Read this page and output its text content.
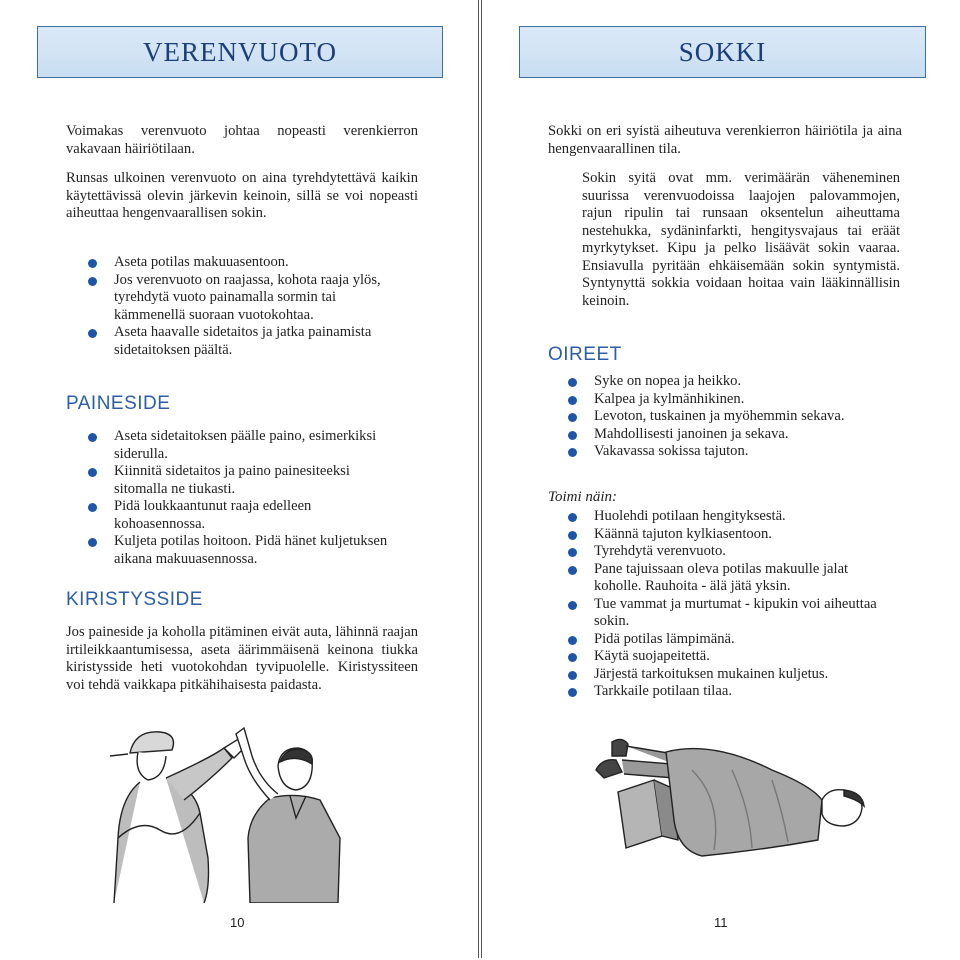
VERENVUOTO
Voimakas verenvuoto johtaa nopeasti verenkierron vakavaan häiriötilaan.
Runsas ulkoinen verenvuoto on aina tyrehdytettävä kaikin käytettävissä olevin järkevin keinoin, sillä se voi nopeasti aiheuttaa hengenvaarallisen sokin.
Aseta potilas makuuasentoon.
Jos verenvuoto on raajassa, kohota raaja ylös, tyrehdytä vuoto painamalla sormin tai kämmenellä suoraan vuotokohtaa.
Aseta haavalle sidetaitos ja jatka painamista sidetaitoksen päältä.
PAINESIDE
Aseta sidetaitoksen päälle paino, esimerkiksi siderulla.
Kiinnitä sidetaitos ja paino painesiteeksi sitomalla ne tiukasti.
Pidä loukkaantunut raaja edelleen kohoasennossa.
Kuljeta potilas hoitoon. Pidä hänet kuljetuksen aikana makuuasennossa.
KIRISTYSSIDE
Jos paineside ja koholla pitäminen eivät auta, lähinnä raajan irtileikkaantumisessa, aseta äärimmäisenä keinona tiukka kiristysside heti vuotokohdan tyvipuolelle. Kiristyssiteen voi tehdä vaikkapa pitkähihaisesta paidasta.
10
SOKKI
Sokki on eri syistä aiheutuva verenkierron häiriötila ja aina hengenvaarallinen tila.
Sokin syitä ovat mm. verimäärän väheneminen suurissa verenvuodoissa laajojen palovammojen, rajun ripulin tai runsaan oksentelun aiheuttama nestehukka, sydäninfarkti, hengitysvajaus tai eräät myrkytykset. Kipu ja pelko lisäävät sokin vaaraa. Ensiavulla pyritään ehkäisemään sokin syntymistä. Syntynyttä sokkia voidaan hoitaa vain lääkinnällisin keinoin.
OIREET
Syke on nopea ja heikko.
Kalpea ja kylmänhikinen.
Levoton, tuskainen ja myöhemmin sekava.
Mahdollisesti janoinen ja sekava.
Vakavassa sokissa tajuton.
Toimi näin:
Huolehdi potilaan hengityksestä.
Käännä tajuton kylkiasentoon.
Tyrehdytä verenvuoto.
Pane tajuissaan oleva potilas makuulle jalat koholle. Rauhoita - älä jätä yksin.
Tue vammat ja murtumat - kipukin voi aiheuttaa sokin.
Pidä potilas lämpimänä.
Käytä suojapeitettä.
Järjestä tarkoituksen mukainen kuljetus.
Tarkkaile potilaan tilaa.
11
